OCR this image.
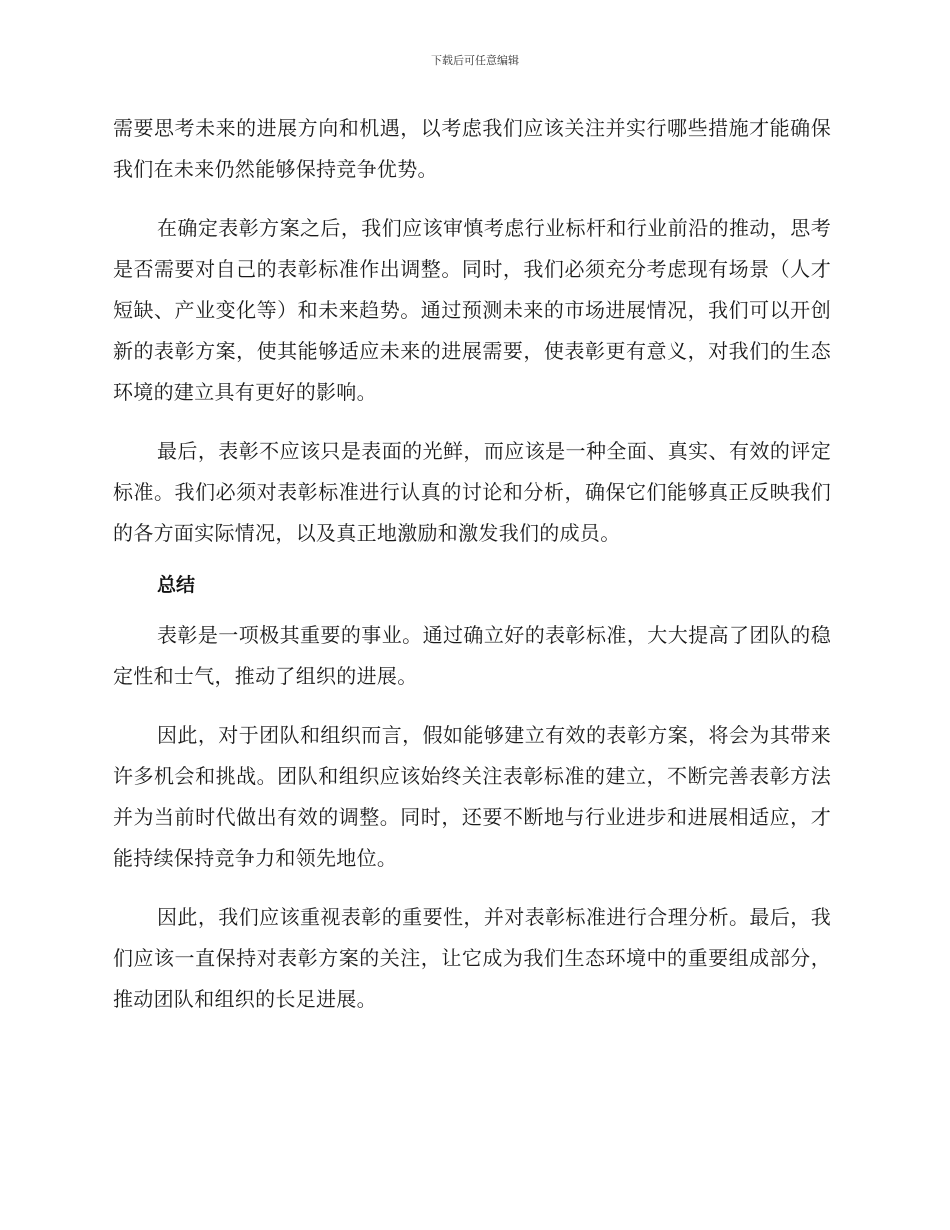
下载后可任意编辑

需要思考未来的进展方向和机遇，以考虑我们应该关注并实行哪些措施才能确保我们在未来仍然能够保持竞争优势。

在确定表彰方案之后，我们应该审慎考虑行业标杆和行业前沿的推动，思考是否需要对自己的表彰标准作出调整。同时，我们必须充分考虑现有场景（人才短缺、产业变化等）和未来趋势。通过预测未来的市场进展情况，我们可以开创新的表彰方案，使其能够适应未来的进展需要，使表彰更有意义，对我们的生态环境的建立具有更好的影响。

最后，表彰不应该只是表面的光鲜，而应该是一种全面、真实、有效的评定标准。我们必须对表彰标准进行认真的讨论和分析，确保它们能够真正反映我们的各方面实际情况，以及真正地激励和激发我们的成员。

总结

表彰是一项极其重要的事业。通过确立好的表彰标准，大大提高了团队的稳定性和士气，推动了组织的进展。

因此，对于团队和组织而言，假如能够建立有效的表彰方案，将会为其带来许多机会和挑战。团队和组织应该始终关注表彰标准的建立，不断完善表彰方法并为当前时代做出有效的调整。同时，还要不断地与行业进步和进展相适应，才能持续保持竞争力和领先地位。

因此，我们应该重视表彰的重要性，并对表彰标准进行合理分析。最后，我们应该一直保持对表彰方案的关注，让它成为我们生态环境中的重要组成部分，推动团队和组织的长足进展。
